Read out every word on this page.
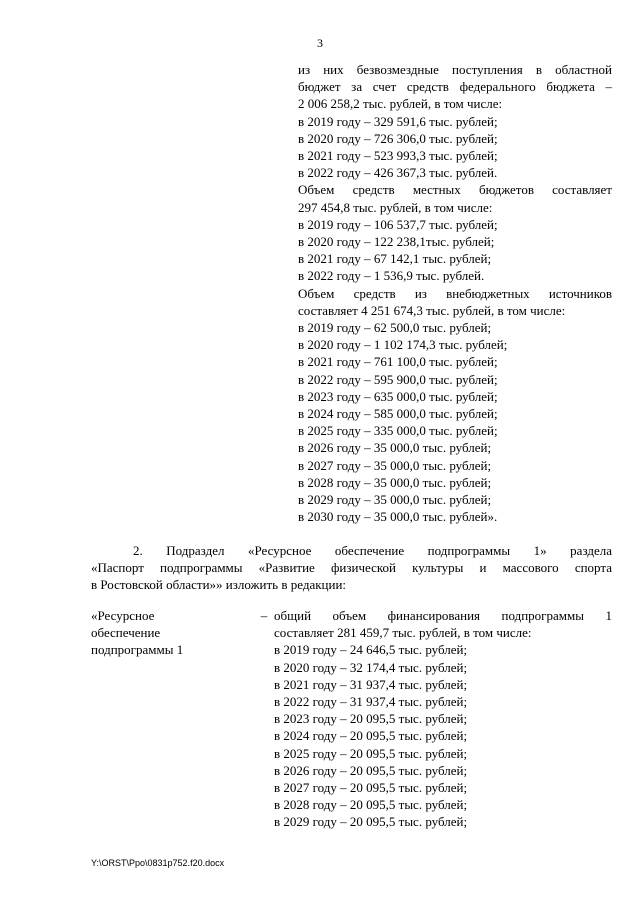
3
из них безвозмездные поступления в областной
бюджет за счет средств федерального бюджета –
2 006 258,2 тыс. рублей, в том числе:
в 2019 году – 329 591,6 тыс. рублей;
в 2020 году – 726 306,0 тыс. рублей;
в 2021 году – 523 993,3 тыс. рублей;
в 2022 году – 426 367,3 тыс. рублей.
Объем средств местных бюджетов составляет
297 454,8 тыс. рублей, в том числе:
в 2019 году – 106 537,7 тыс. рублей;
в 2020 году – 122 238,1тыс. рублей;
в 2021 году – 67 142,1 тыс. рублей;
в 2022 году – 1 536,9 тыс. рублей.
Объем средств из внебюджетных источников
составляет 4 251 674,3 тыс. рублей, в том числе:
в 2019 году – 62 500,0 тыс. рублей;
в 2020 году – 1 102 174,3 тыс. рублей;
в 2021 году – 761 100,0 тыс. рублей;
в 2022 году – 595 900,0 тыс. рублей;
в 2023 году – 635 000,0 тыс. рублей;
в 2024 году – 585 000,0 тыс. рублей;
в 2025 году – 335 000,0 тыс. рублей;
в 2026 году – 35 000,0 тыс. рублей;
в 2027 году – 35 000,0 тыс. рублей;
в 2028 году – 35 000,0 тыс. рублей;
в 2029 году – 35 000,0 тыс. рублей;
в 2030 году – 35 000,0 тыс. рублей».
2. Подраздел «Ресурсное обеспечение подпрограммы 1» раздела
«Паспорт подпрограммы «Развитие физической культуры и массового спорта
в Ростовской области»» изложить в редакции:
«Ресурсное
обеспечение
подпрограммы 1
– общий объем финансирования подпрограммы 1
составляет 281 459,7 тыс. рублей, в том числе:
в 2019 году – 24 646,5 тыс. рублей;
в 2020 году – 32 174,4 тыс. рублей;
в 2021 году – 31 937,4 тыс. рублей;
в 2022 году – 31 937,4 тыс. рублей;
в 2023 году – 20 095,5 тыс. рублей;
в 2024 году – 20 095,5 тыс. рублей;
в 2025 году – 20 095,5 тыс. рублей;
в 2026 году – 20 095,5 тыс. рублей;
в 2027 году – 20 095,5 тыс. рублей;
в 2028 году – 20 095,5 тыс. рублей;
в 2029 году – 20 095,5 тыс. рублей;
Y:\ORST\Ppo\0831p752.f20.docx
